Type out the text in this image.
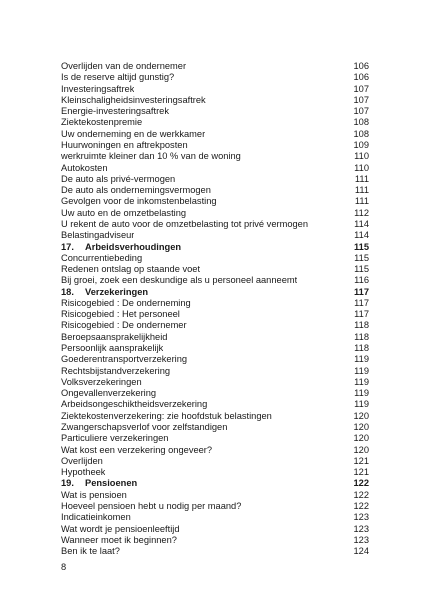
Overlijden van de ondernemer	106
Is de reserve altijd gunstig?	106
Investeringsaftrek	107
Kleinschaligheidsinvesteringsaftrek	107
Energie-investeringsaftrek	107
Ziektekostenpremie	108
Uw onderneming en de werkkamer	108
Huurwoningen en aftrekposten	109
werkruimte kleiner dan 10 % van de woning	110
Autokosten	110
De auto als privé-vermogen	111
De auto als ondernemingsvermogen	111
Gevolgen voor de inkomstenbelasting	111
Uw auto en de omzetbelasting	112
U rekent de auto voor de omzetbelasting tot privé vermogen	114
Belastingadviseur	114
17. Arbeidsverhoudingen	115
Concurrentiebeding	115
Redenen ontslag op staande voet	115
Bij groei, zoek een deskundige als u personeel aanneemt	116
18. Verzekeringen	117
Risicogebied : De onderneming	117
Risicogebied : Het personeel	117
Risicogebied : De ondernemer	118
Beroepsaansprakelijkheid	118
Persoonlijk aansprakelijk	118
Goederentransportverzekering	119
Rechtsbijstandverzekering	119
Volksverzekeringen	119
Ongevallenverzekering	119
Arbeidsongeschiktheidsverzekering	119
Ziektekostenverzekering: zie hoofdstuk belastingen	120
Zwangerschapsverlof voor zelfstandigen	120
Particuliere verzekeringen	120
Wat kost een verzekering ongeveer?	120
Overlijden	121
Hypotheek	121
19. Pensioenen	122
Wat is pensioen	122
Hoeveel pensioen hebt u nodig per maand?	122
Indicatieinkomen	123
Wat wordt je pensioenleeftijd	123
Wanneer moet ik beginnen?	123
Ben ik te laat?	124
8
